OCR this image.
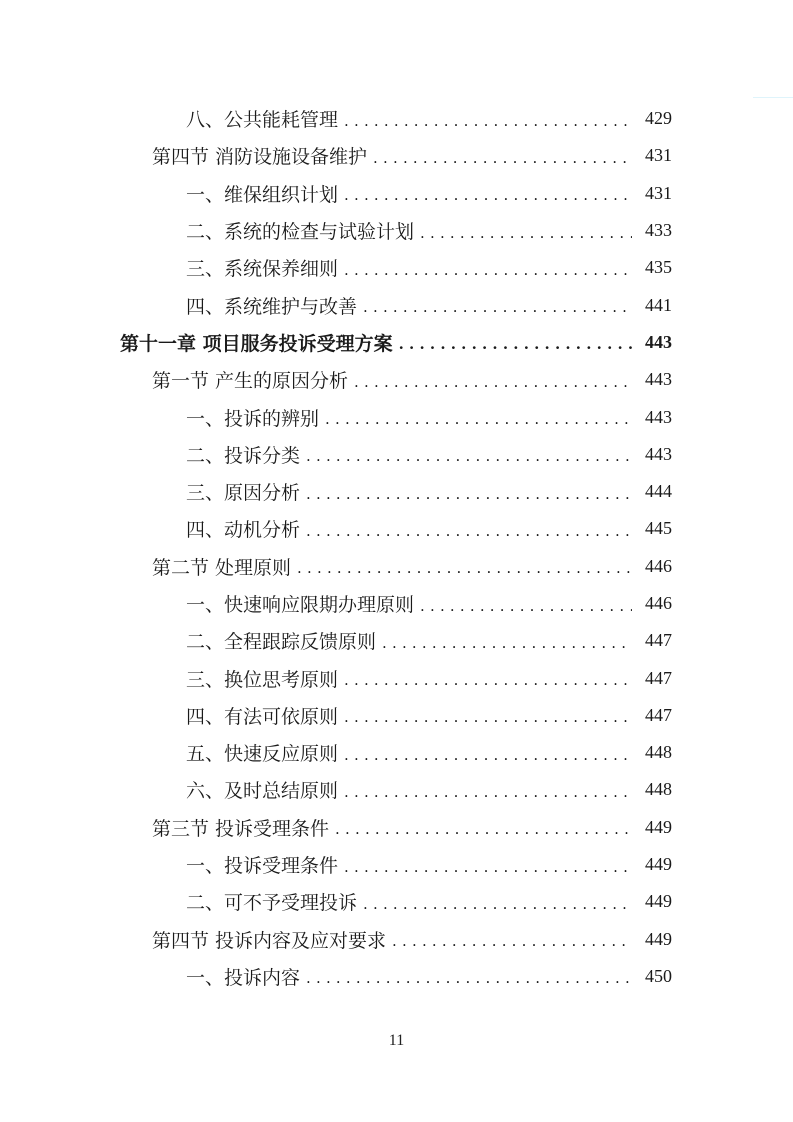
八、公共能耗管理 .....	429
第四节 消防设施设备维护 .....	431
一、维保组织计划 .....	431
二、系统的检查与试验计划 .....	433
三、系统保养细则 .....	435
四、系统维护与改善 .....	441
第十一章 项目服务投诉受理方案 .....	443
第一节 产生的原因分析 .....	443
一、投诉的辨别 .....	443
二、投诉分类 .....	443
三、原因分析 .....	444
四、动机分析 .....	445
第二节 处理原则 .....	446
一、快速响应限期办理原则 .....	446
二、全程跟踪反馈原则 .....	447
三、换位思考原则 .....	447
四、有法可依原则 .....	447
五、快速反应原则 .....	448
六、及时总结原则 .....	448
第三节 投诉受理条件 .....	449
一、投诉受理条件 .....	449
二、可不予受理投诉 .....	449
第四节 投诉内容及应对要求 .....	449
一、投诉内容 .....	450
11
